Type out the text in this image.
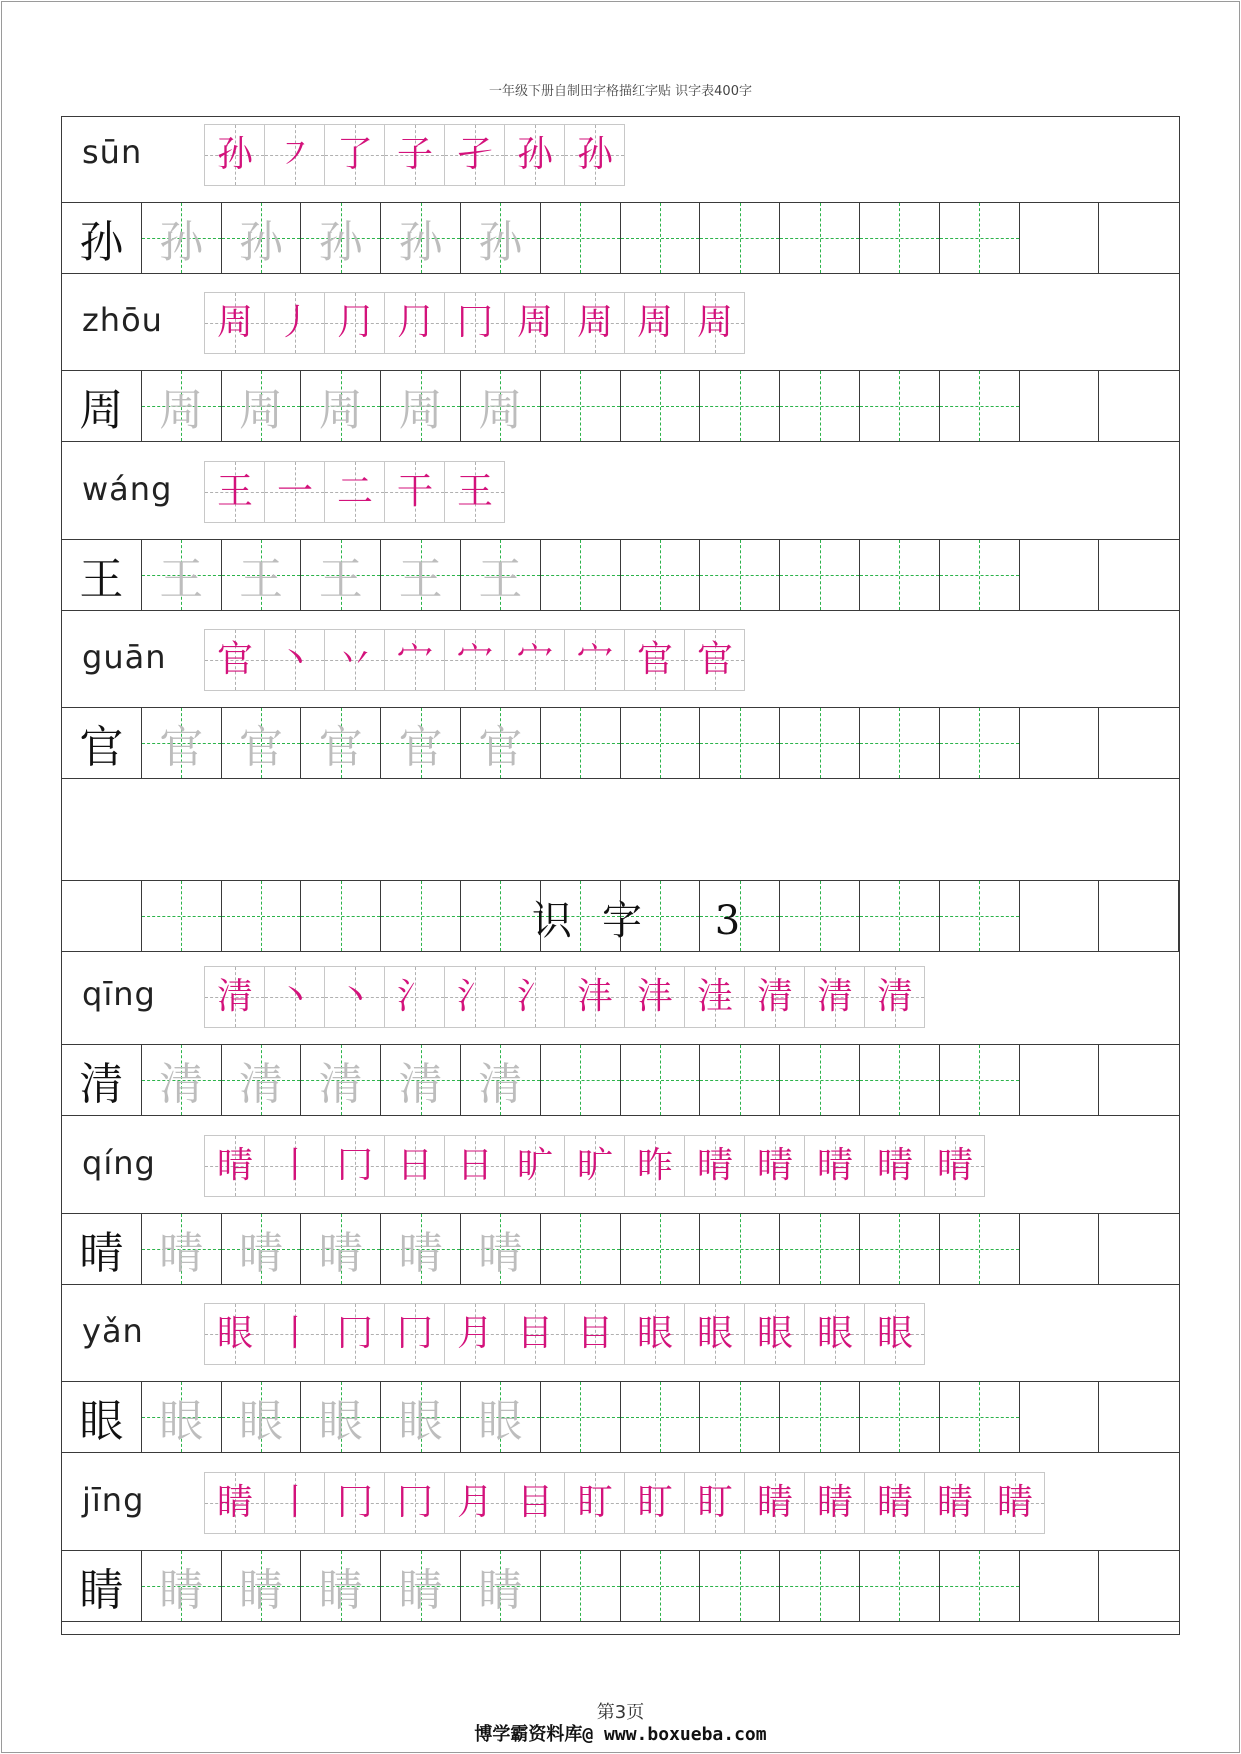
一年级下册自制田字格描红字贴 识字表400字
sūn	孙 ㇇ 了 子 孑 孙 孙
孙 孙 孙 孙 孙 孙
zhōu	周 丿 ⺆ ⺆ 冂 周 周 周 周
周 周 周 周 周 周
wáng	王 一 二 干 王
王 王 王 王 王 王
guān	官 丶 丷 宀 宀 宀 宀 官 官
官 官 官 官 官 官
qīng	清 丶 丶 氵 氵 氵 沣 沣 洼 清 清 清
清 清 清 清 清 清
qíng	晴 丨 冂 日 日 旷 旷 昨 晴 晴 晴 晴 晴
晴 晴 晴 晴 晴 晴
yǎn	眼 丨 冂 冂 月 目 目 眼 眼 眼 眼 眼
眼 眼 眼 眼 眼 眼
jīng	睛 丨 冂 冂 月 目 盯 盯 盯 睛 睛 睛 睛 睛
睛 睛 睛 睛 睛 睛
识字 3
第3页
博学霸资料库@ www.boxueba.com
